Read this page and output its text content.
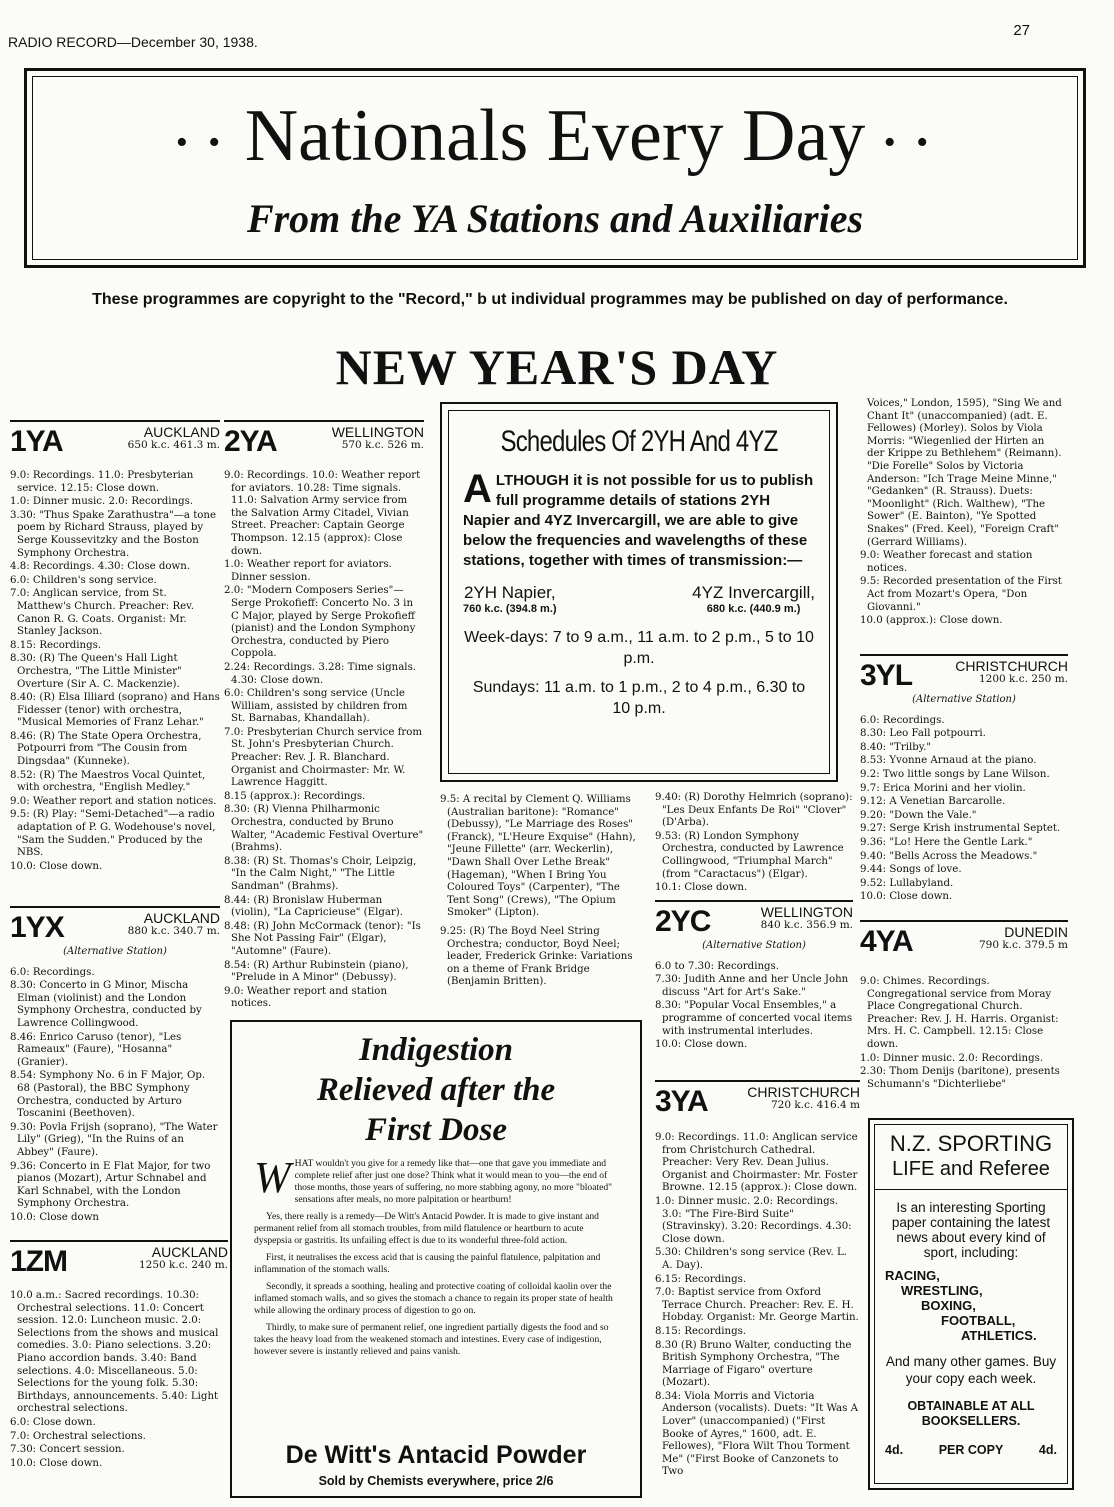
RADIO RECORD—December 30, 1938.
27
• • Nationals Every Day • •
From the YA Stations and Auxiliaries
These programmes are copyright to the "Record," b ut individual programmes may be published on day of performance.
NEW YEAR'S DAY
1YA	AUCKLAND
650 k.c. 461.3 m.

9.0: Recordings. 11.0: Presbyterian service. 12.15: Close down.

1.0: Dinner music. 2.0: Recordings.

3.30: "Thus Spake Zarathustra"—a tone poem by Richard Strauss, played by Serge Koussevitzky and the Boston Symphony Orchestra.

4.8: Recordings. 4.30: Close down.

6.0: Children's song service.

7.0: Anglican service, from St. Matthew's Church. Preacher: Rev. Canon R. G. Coats. Organist: Mr. Stanley Jackson.

8.15: Recordings.

8.30: (R) The Queen's Hall Light Orchestra, "The Little Minister" Overture (Sir A. C. Mackenzie).

8.40: (R) Elsa Illiard (soprano) and Hans Fidesser (tenor) with orchestra, "Musical Memories of Franz Lehar."

8.46: (R) The State Opera Orchestra, Potpourri from "The Cousin from Dingsdaa" (Kunneke).

8.52: (R) The Maestros Vocal Quintet, with orchestra, "English Medley."

9.0: Weather report and station notices.

9.5: (R) Play: "Semi-Detached"—a radio adaptation of P. G. Wodehouse's novel, "Sam the Sudden." Produced by the NBS.

10.0: Close down.

1YX	AUCKLAND
880 k.c. 340.7 m.
(Alternative Station)

6.0: Recordings.

8.30: Concerto in G Minor, Mischa Elman (violinist) and the London Symphony Orchestra, conducted by Lawrence Collingwood.

8.46: Enrico Caruso (tenor), "Les Rameaux" (Faure), "Hosanna" (Granier).

8.54: Symphony No. 6 in F Major, Op. 68 (Pastoral), the BBC Symphony Orchestra, conducted by Arturo Toscanini (Beethoven).

9.30: Povla Frijsh (soprano), "The Water Lily" (Grieg), "In the Ruins of an Abbey" (Faure).

9.36: Concerto in E Flat Major, for two pianos (Mozart), Artur Schnabel and Karl Schnabel, with the London Symphony Orchestra.

10.0: Close down

1ZM	AUCKLAND
1250 k.c. 240 m.

10.0 a.m.: Sacred recordings. 10.30: Orchestral selections. 11.0: Concert session. 12.0: Luncheon music. 2.0: Selections from the shows and musical comedies. 3.0: Piano selections. 3.20: Piano accordion bands. 3.40: Band selections. 4.0: Miscellaneous. 5.0: Selections for the young folk. 5.30: Birthdays, announcements. 5.40: Light orchestral selections.

6.0: Close down.

7.0: Orchestral selections.

7.30: Concert session.

10.0: Close down.

2YA	WELLINGTON
570 k.c. 526 m.

9.0: Recordings. 10.0: Weather report for aviators. 10.28: Time signals. 11.0: Salvation Army service from the Salvation Army Citadel, Vivian Street. Preacher: Captain George Thompson. 12.15 (approx): Close down.

1.0: Weather report for aviators. Dinner session.

2.0: "Modern Composers Series"—Serge Prokofieff: Concerto No. 3 in C Major, played by Serge Prokofieff (pianist) and the London Symphony Orchestra, conducted by Piero Coppola.

2.24: Recordings. 3.28: Time signals. 4.30: Close down.

6.0: Children's song service (Uncle William, assisted by children from St. Barnabas, Khandallah).

7.0: Presbyterian Church service from St. John's Presbyterian Church. Preacher: Rev. J. R. Blanchard. Organist and Choirmaster: Mr. W. Lawrence Haggitt.

8.15 (approx.): Recordings.

8.30: (R) Vienna Philharmonic Orchestra, conducted by Bruno Walter, "Academic Festival Overture" (Brahms).

8.38: (R) St. Thomas's Choir, Leipzig, "In the Calm Night," "The Little Sandman" (Brahms).

8.44: (R) Bronislaw Huberman (violin), "La Capricieuse" (Elgar).

8.48: (R) John McCormack (tenor): "Is She Not Passing Fair" (Elgar), "Automne" (Faure).

8.54: (R) Arthur Rubinstein (piano), "Prelude in A Minor" (Debussy).

9.0: Weather report and station notices.

Schedules Of 2YH And 4YZ
A LTHOUGH it is not possible for us to publish full programme details of stations 2YH Napier and 4YZ Invercargill, we are able to give below the frequencies and wavelengths of these stations, together with times of transmission:—
2YH Napier,
760 k.c. (394.8 m.)
4YZ Invercargill,
680 k.c. (440.9 m.)
Week-days: 7 to 9 a.m., 11 a.m. to 2 p.m., 5 to 10 p.m.
Sundays: 11 a.m. to 1 p.m., 2 to 4 p.m., 6.30 to 10 p.m.

9.5: A recital by Clement Q. Williams (Australian baritone): "Romance" (Debussy), "Le Marriage des Roses" (Franck), "L'Heure Exquise" (Hahn), "Jeune Fillette" (arr. Weckerlin), "Dawn Shall Over Lethe Break" (Hageman), "When I Bring You Coloured Toys" (Carpenter), "The Tent Song" (Crews), "The Opium Smoker" (Lipton).

9.25: (R) The Boyd Neel String Orchestra; conductor, Boyd Neel; leader, Frederick Grinke: Variations on a theme of Frank Bridge (Benjamin Britten).

9.40: (R) Dorothy Helmrich (soprano): "Les Deux Enfants De Roi" "Clover" (D'Arba).

9.53: (R) London Symphony Orchestra, conducted by Lawrence Collingwood, "Triumphal March" (from "Caractacus") (Elgar).

10.1: Close down.

2YC	WELLINGTON
840 k.c. 356.9 m.
(Alternative Station)

6.0 to 7.30: Recordings.

7.30: Judith Anne and her Uncle John discuss "Art for Art's Sake."

8.30: "Popular Vocal Ensembles," a programme of concerted vocal items with instrumental interludes.

10.0: Close down.

3YA	CHRISTCHURCH
720 k.c. 416.4 m

9.0: Recordings. 11.0: Anglican service from Christchurch Cathedral. Preacher: Very Rev. Dean Julius. Organist and Choirmaster: Mr. Foster Browne. 12.15 (approx.): Close down.

1.0: Dinner music. 2.0: Recordings. 3.0: "The Fire-Bird Suite" (Stravinsky). 3.20: Recordings. 4.30: Close down.

5.30: Children's song service (Rev. L. A. Day).

6.15: Recordings.

7.0: Baptist service from Oxford Terrace Church. Preacher: Rev. E. H. Hobday. Organist: Mr. George Martin.

8.15: Recordings.

8.30 (R) Bruno Walter, conducting the British Symphony Orchestra, "The Marriage of Figaro" overture (Mozart).

8.34: Viola Morris and Victoria Anderson (vocalists). Duets: "It Was A Lover" (unaccompanied) ("First Booke of Ayres," 1600, adt. E. Fellowes), "Flora Wilt Thou Torment Me" ("First Booke of Canzonets to Two

Voices," London, 1595), "Sing We and Chant It" (unaccompanied) (adt. E. Fellowes) (Morley). Solos by Viola Morris: "Wiegenlied der Hirten an der Krippe zu Bethlehem" (Reimann). "Die Forelle" Solos by Victoria Anderson: "Ich Trage Meine Minne," "Gedanken" (R. Strauss). Duets: "Moonlight" (Rich. Walthew), "The Sower" (E. Bainton), "Ye Spotted Snakes" (Fred. Keel), "Foreign Craft" (Gerrard Williams).

9.0: Weather forecast and station notices.

9.5: Recorded presentation of the First Act from Mozart's Opera, "Don Giovanni."

10.0 (approx.): Close down.

3YL	CHRISTCHURCH
1200 k.c. 250 m.
(Alternative Station)

6.0: Recordings.

8.30: Leo Fall potpourri.

8.40: "Trilby."

8.53: Yvonne Arnaud at the piano.

9.2: Two little songs by Lane Wilson.

9.7: Erica Morini and her violin.

9.12: A Venetian Barcarolle.

9.20: "Down the Vale."

9.27: Serge Krish instrumental Septet.

9.36: "Lo! Here the Gentle Lark."

9.40: "Bells Across the Meadows."

9.44: Songs of love.

9.52: Lullabyland.

10.0: Close down.

4YA	DUNEDIN
790 k.c. 379.5 m

9.0: Chimes. Recordings. Congregational service from Moray Place Congregational Church. Preacher: Rev. J. H. Harris. Organist: Mrs. H. C. Campbell. 12.15: Close down.

1.0: Dinner music. 2.0: Recordings.

2.30: Thom Denijs (baritone), presents Schumann's "Dichterliebe"

Indigestion
Relieved after the
First Dose
W HAT wouldn't you give for a remedy like that—one that gave you immediate and complete relief after just one dose? Think what it would mean to you—the end of those months, those years of suffering, no more stabbing agony, no more "bloated" sensations after meals, no more palpitation or heartburn!

Yes, there really is a remedy—De Witt's Antacid Powder. It is made to give instant and permanent relief from all stomach troubles, from mild flatulence or heartburn to acute dyspepsia or gastritis. Its unfailing effect is due to its wonderful three-fold action.

First, it neutralises the excess acid that is causing the painful flatulence, palpitation and inflammation of the stomach walls.

Secondly, it spreads a soothing, healing and protective coating of colloidal kaolin over the inflamed stomach walls, and so gives the stomach a chance to regain its proper state of health while allowing the ordinary process of digestion to go on.

Thirdly, to make sure of permanent relief, one ingredient partially digests the food and so takes the heavy load from the weakened stomach and intestines. Every case of indigestion, however severe is instantly relieved and pains vanish.

De Witt's Antacid Powder
Sold by Chemists everywhere, price 2/6
N.Z. SPORTING
LIFE and Referee
Is an interesting Sporting paper containing the latest news about every kind of sport, including:
RACING,
WRESTLING,
BOXING,
FOOTBALL,
ATHLETICS.
And many other games. Buy your copy each week.
OBTAINABLE AT ALL BOOKSELLERS.
4d.	PER COPY	4d.
